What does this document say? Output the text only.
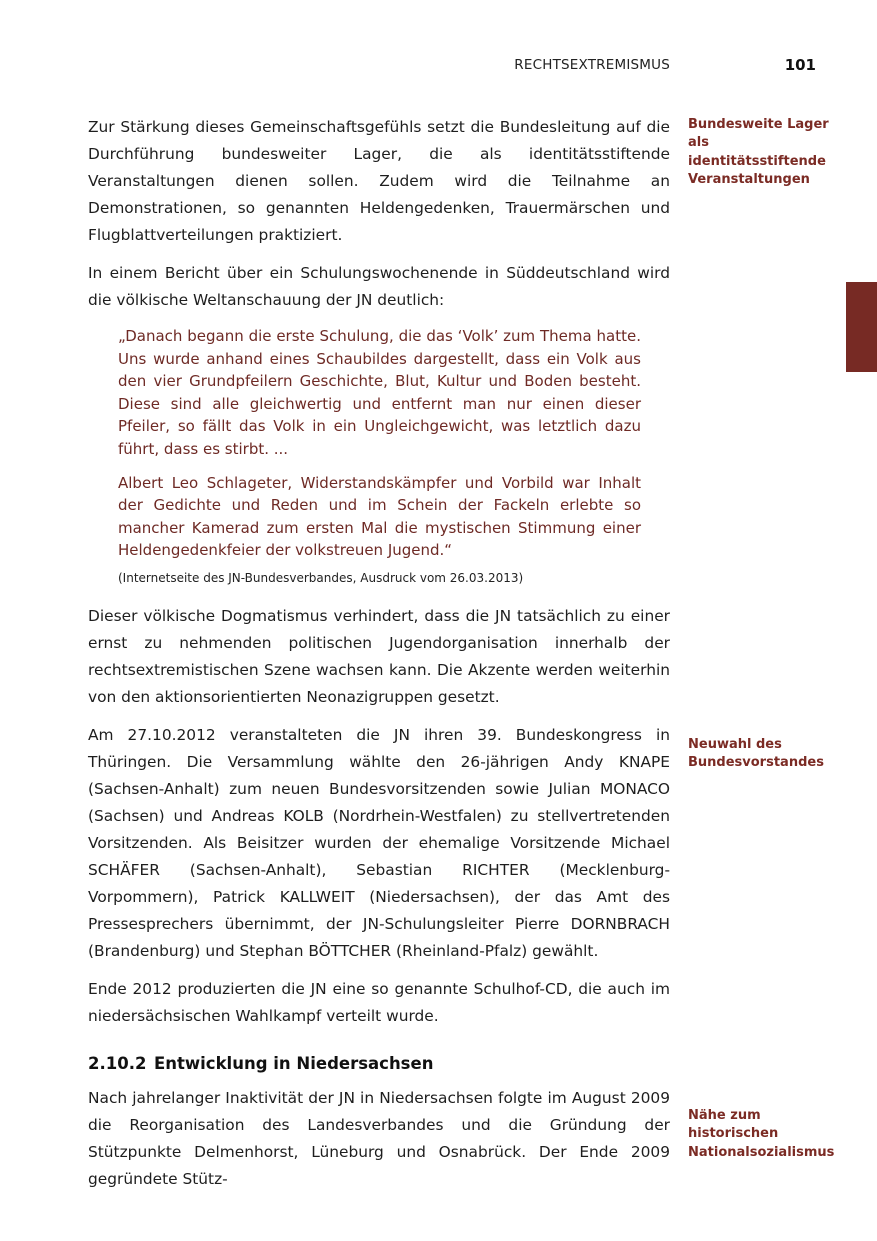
RECHTSEXTREMISMUS	101

Zur Stärkung dieses Gemeinschaftsgefühls setzt die Bundesleitung auf die Durchführung bundesweiter Lager, die als identitätsstiftende Veranstaltungen dienen sollen. Zudem wird die Teilnahme an Demonstrationen, so genannten Heldengedenken, Trauermärschen und Flugblattverteilungen praktiziert.

In einem Bericht über ein Schulungswochenende in Süddeutschland wird die völkische Weltanschauung der JN deutlich:

„Danach begann die erste Schulung, die das ‘Volk’ zum Thema hatte. Uns wurde anhand eines Schaubildes dargestellt, dass ein Volk aus den vier Grundpfeilern Geschichte, Blut, Kultur und Boden besteht. Diese sind alle gleichwertig und entfernt man nur einen dieser Pfeiler, so fällt das Volk in ein Ungleichgewicht, was letztlich dazu führt, dass es stirbt. ...

Albert Leo Schlageter, Widerstandskämpfer und Vorbild war Inhalt der Gedichte und Reden und im Schein der Fackeln erlebte so mancher Kamerad zum ersten Mal die mystischen Stimmung einer Heldengedenkfeier der volkstreuen Jugend.“

(Internetseite des JN-Bundesverbandes, Ausdruck vom 26.03.2013)

Dieser völkische Dogmatismus verhindert, dass die JN tatsächlich zu einer ernst zu nehmenden politischen Jugendorganisation innerhalb der rechtsextremistischen Szene wachsen kann. Die Akzente werden weiterhin von den aktionsorientierten Neonazigruppen gesetzt.

Am 27.10.2012 veranstalteten die JN ihren 39. Bundeskongress in Thüringen. Die Versammlung wählte den 26-jährigen Andy KNAPE (Sachsen-Anhalt) zum neuen Bundesvorsitzenden sowie Julian MONACO (Sachsen) und Andreas KOLB (Nordrhein-Westfalen) zu stellvertretenden Vorsitzenden. Als Beisitzer wurden der ehemalige Vorsitzende Michael SCHÄFER (Sachsen-Anhalt), Sebastian RICHTER (Mecklenburg-Vorpommern), Patrick KALLWEIT (Niedersachsen), der das Amt des Pressesprechers übernimmt, der JN-Schulungsleiter Pierre DORNBRACH (Brandenburg) und Stephan BÖTTCHER (Rheinland-Pfalz) gewählt.

Ende 2012 produzierten die JN eine so genannte Schulhof-CD, die auch im niedersächsischen Wahlkampf verteilt wurde.

2.10.2 Entwicklung in Niedersachsen

Nach jahrelanger Inaktivität der JN in Niedersachsen folgte im August 2009 die Reorganisation des Landesverbandes und die Gründung der Stützpunkte Delmenhorst, Lüneburg und Osnabrück. Der Ende 2009 gegründete Stütz-

Bundesweite Lager als identitätsstiftende Veranstaltungen
Neuwahl des Bundesvorstandes
Nähe zum historischen Nationalsozialismus
